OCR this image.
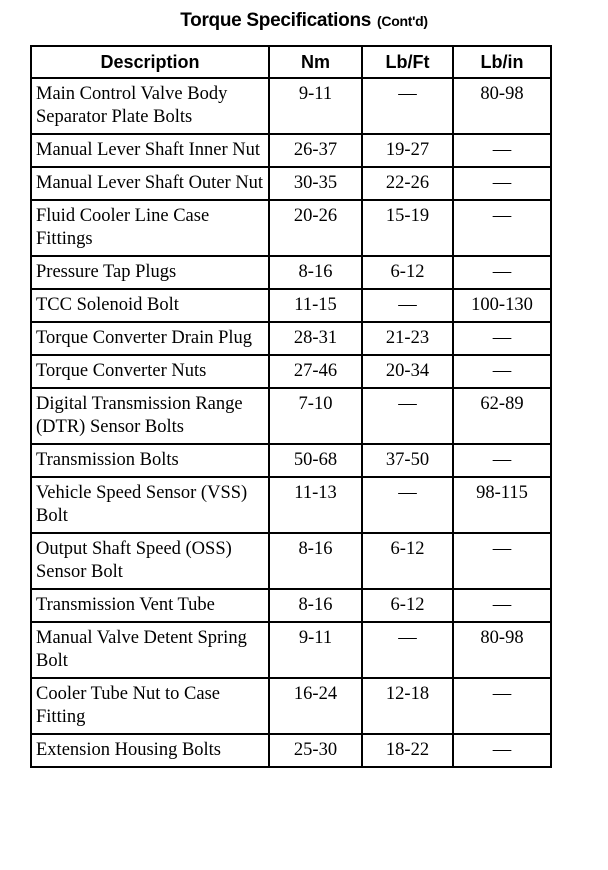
Torque Specifications (Cont'd)
Description	Nm	Lb/Ft	Lb/in
Main Control Valve Body Separator Plate Bolts	9-11	—	80-98
Manual Lever Shaft Inner Nut	26-37	19-27	—
Manual Lever Shaft Outer Nut	30-35	22-26	—
Fluid Cooler Line Case Fittings	20-26	15-19	—
Pressure Tap Plugs	8-16	6-12	—
TCC Solenoid Bolt	11-15	—	100-130
Torque Converter Drain Plug	28-31	21-23	—
Torque Converter Nuts	27-46	20-34	—
Digital Transmission Range (DTR) Sensor Bolts	7-10	—	62-89
Transmission Bolts	50-68	37-50	—
Vehicle Speed Sensor (VSS) Bolt	11-13	—	98-115
Output Shaft Speed (OSS) Sensor Bolt	8-16	6-12	—
Transmission Vent Tube	8-16	6-12	—
Manual Valve Detent Spring Bolt	9-11	—	80-98
Cooler Tube Nut to Case Fitting	16-24	12-18	—
Extension Housing Bolts	25-30	18-22	—
